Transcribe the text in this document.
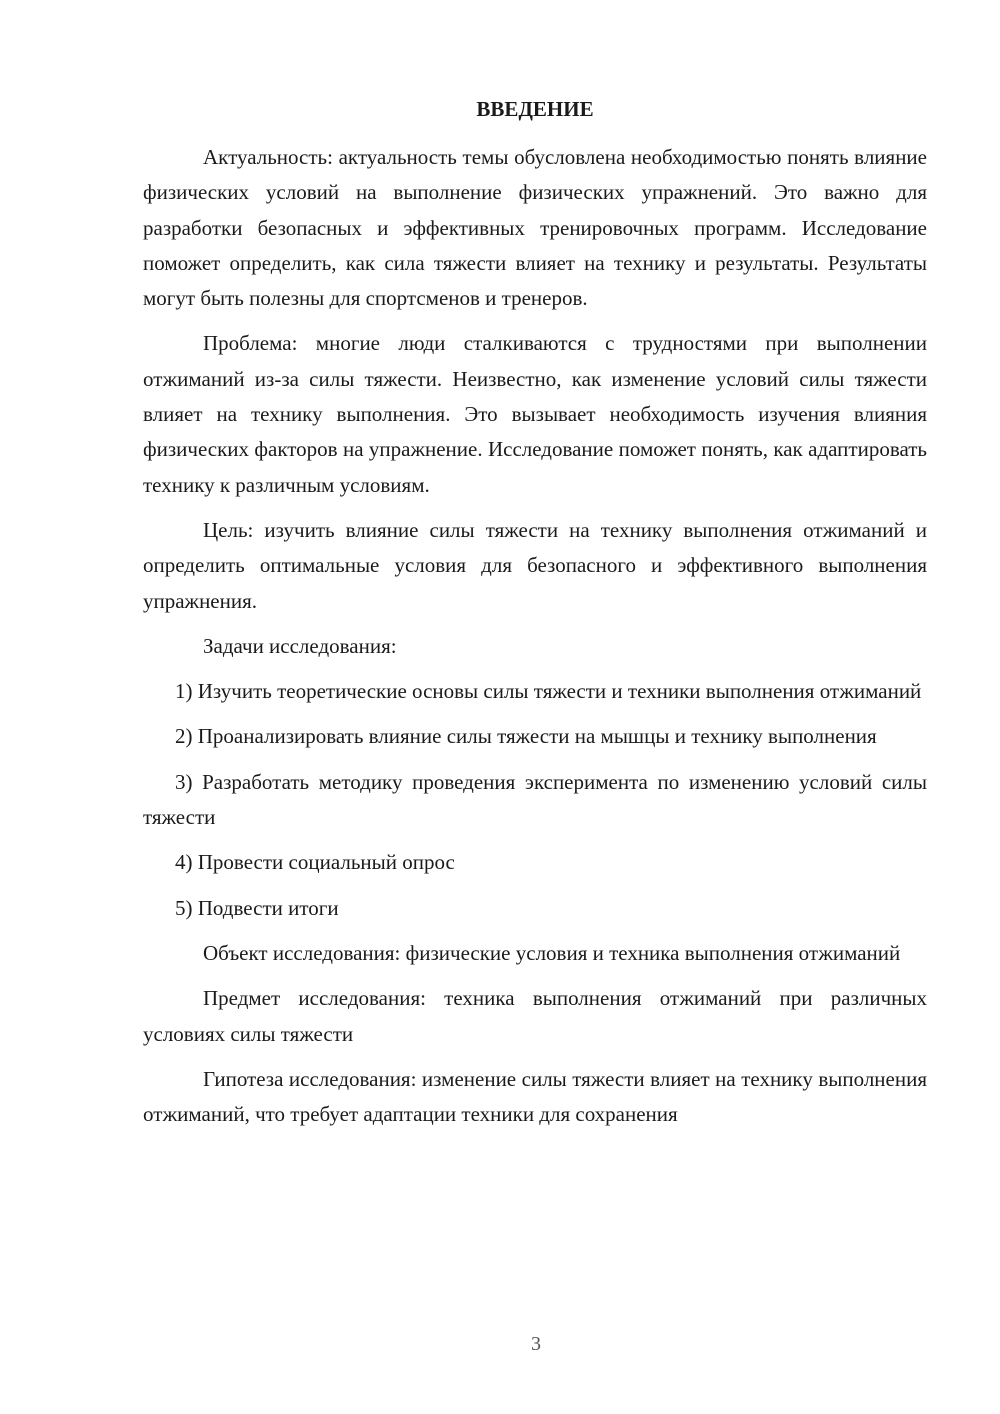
ВВЕДЕНИЕ

Актуальность: актуальность темы обусловлена необходимостью понять влияние физических условий на выполнение физических упражнений. Это важно для разработки безопасных и эффективных тренировочных программ. Исследование поможет определить, как сила тяжести влияет на технику и результаты. Результаты могут быть полезны для спортсменов и тренеров.

Проблема: многие люди сталкиваются с трудностями при выполнении отжиманий из-за силы тяжести. Неизвестно, как изменение условий силы тяжести влияет на технику выполнения. Это вызывает необходимость изучения влияния физических факторов на упражнение. Исследование поможет понять, как адаптировать технику к различным условиям.

Цель: изучить влияние силы тяжести на технику выполнения отжиманий и определить оптимальные условия для безопасного и эффективного выполнения упражнения.

Задачи исследования:

1) Изучить теоретические основы силы тяжести и техники выполнения отжиманий

2) Проанализировать влияние силы тяжести на мышцы и технику выполнения

3) Разработать методику проведения эксперимента по изменению условий силы тяжести

4) Провести социальный опрос

5) Подвести итоги

Объект исследования: физические условия и техника выполнения отжиманий

Предмет исследования: техника выполнения отжиманий при различных условиях силы тяжести

Гипотеза исследования: изменение силы тяжести влияет на технику выполнения отжиманий, что требует адаптации техники для сохранения

3
